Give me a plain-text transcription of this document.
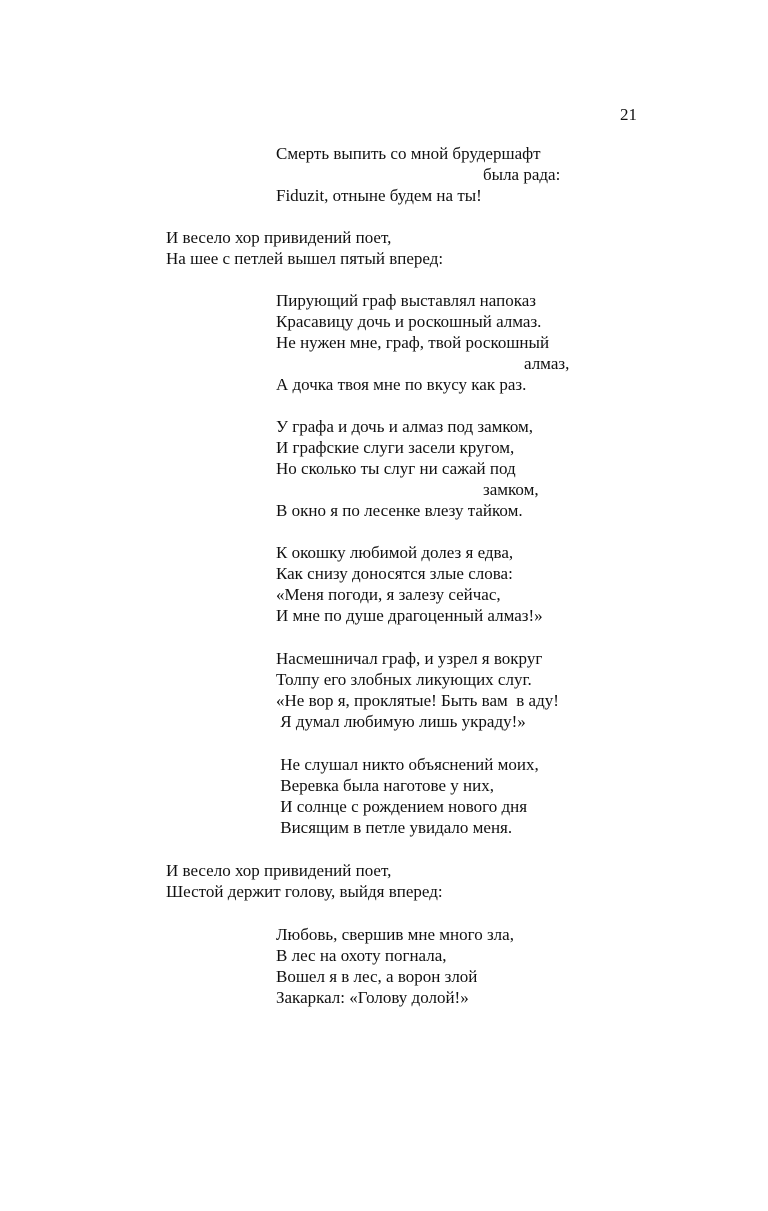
21

Смерть выпить со мной брудершафт

была рада:

Fiduzit, отныне будем на ты!

И весело хор привидений поет,

На шее с петлей вышел пятый вперед:

Пирующий граф выставлял напоказ

Красавицу дочь и роскошный алмаз.

Не нужен мне, граф, твой роскошный

алмаз,

А дочка твоя мне по вкусу как раз.

У графа и дочь и алмаз под замком,

И графские слуги засели кругом,

Но сколько ты слуг ни сажай под

замком,

В окно я по лесенке влезу тайком.

К окошку любимой долез я едва,

Как снизу доносятся злые слова:

«Меня погоди, я залезу сейчас,

И мне по душе драгоценный алмаз!»

Насмешничал граф, и узрел я вокруг

Толпу его злобных ликующих слуг.

«Не вор я, проклятые! Быть вам  в аду!

Я думал любимую лишь украду!»

Не слушал никто объяснений моих,

Веревка была наготове у них,

И солнце с рождением нового дня

Висящим в петле увидало меня.

И весело хор привидений поет,

Шестой держит голову, выйдя вперед:

Любовь, свершив мне много зла,

В лес на охоту погнала,

Вошел я в лес, а ворон злой

Закаркал: «Голову долой!»
